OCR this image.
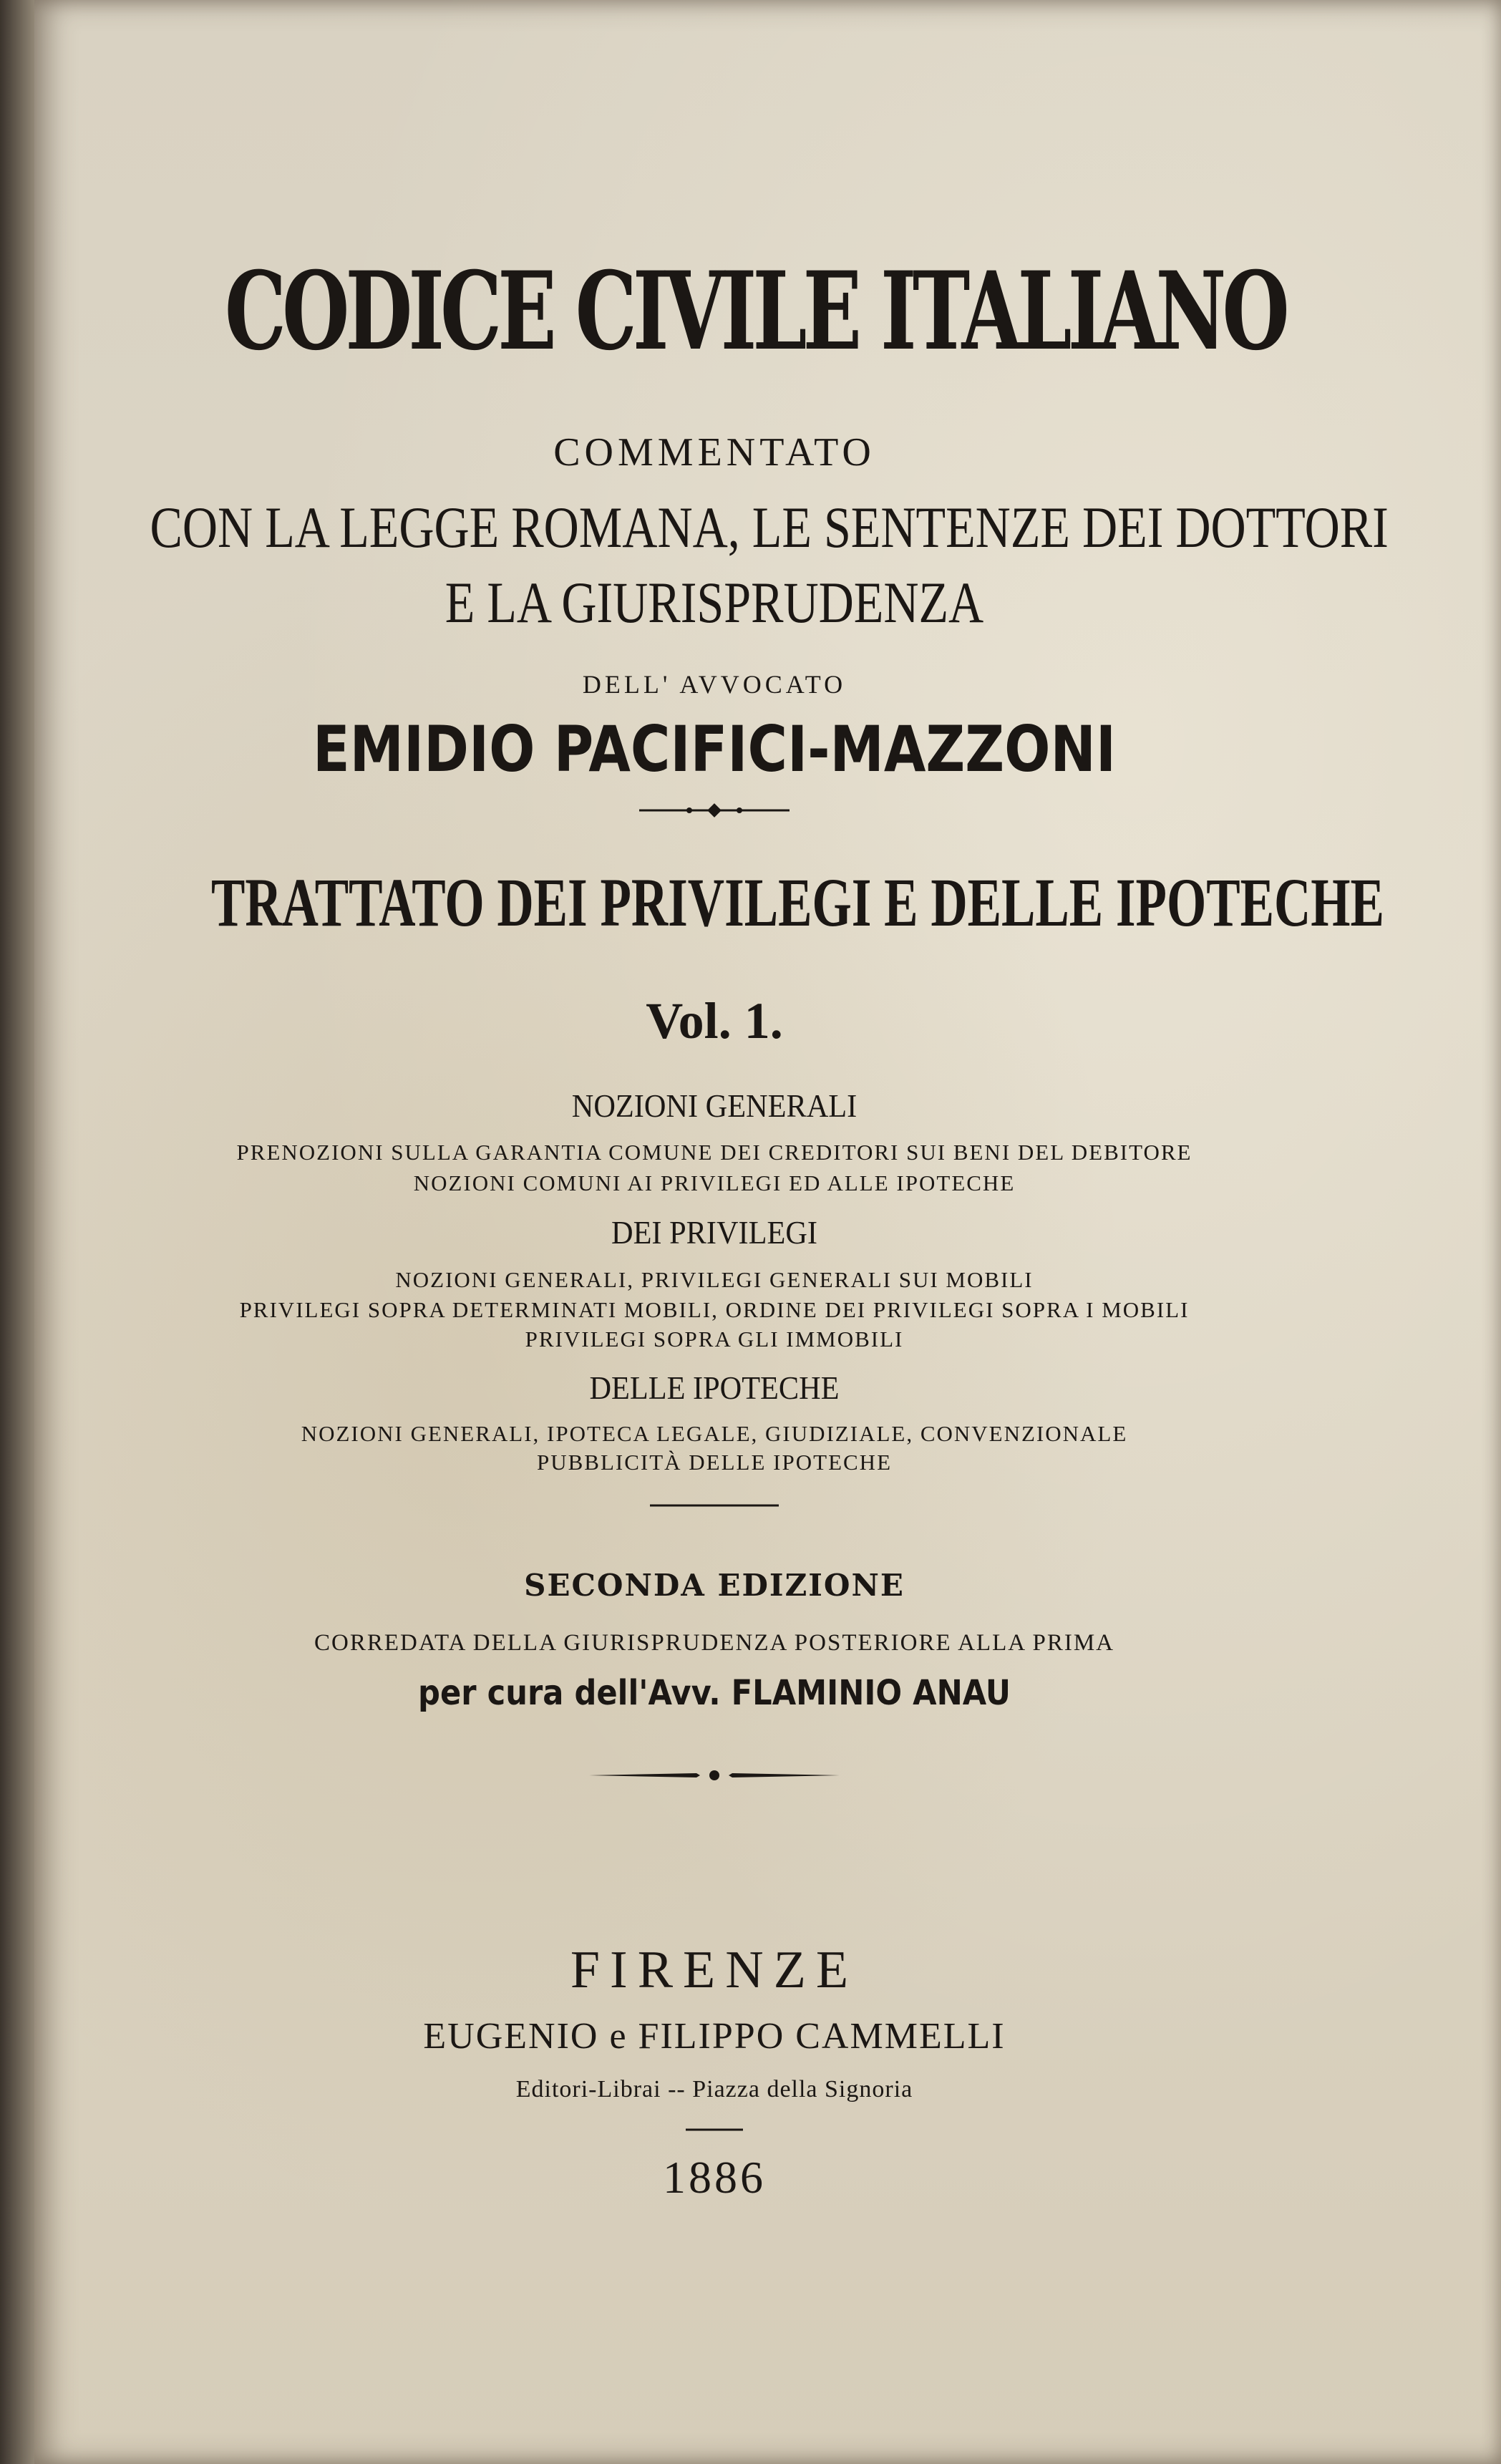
CODICE CIVILE ITALIANO
COMMENTATO
CON LA LEGGE ROMANA, LE SENTENZE DEI DOTTORI
E LA GIURISPRUDENZA
DELL' AVVOCATO
EMIDIO PACIFICI-MAZZONI
TRATTATO DEI PRIVILEGI E DELLE IPOTECHE
Vol. 1.
NOZIONI GENERALI
PRENOZIONI SULLA GARANTIA COMUNE DEI CREDITORI SUI BENI DEL DEBITORE
NOZIONI COMUNI AI PRIVILEGI ED ALLE IPOTECHE
DEI PRIVILEGI
NOZIONI GENERALI, PRIVILEGI GENERALI SUI MOBILI
PRIVILEGI SOPRA DETERMINATI MOBILI, ORDINE DEI PRIVILEGI SOPRA I MOBILI
PRIVILEGI SOPRA GLI IMMOBILI
DELLE IPOTECHE
NOZIONI GENERALI, IPOTECA LEGALE, GIUDIZIALE, CONVENZIONALE
PUBBLICITÀ DELLE IPOTECHE
SECONDA EDIZIONE
CORREDATA DELLA GIURISPRUDENZA POSTERIORE ALLA PRIMA
per cura dell'Avv. FLAMINIO ANAU
FIRENZE
EUGENIO e FILIPPO CAMMELLI
Editori-Librai -- Piazza della Signoria
1886
